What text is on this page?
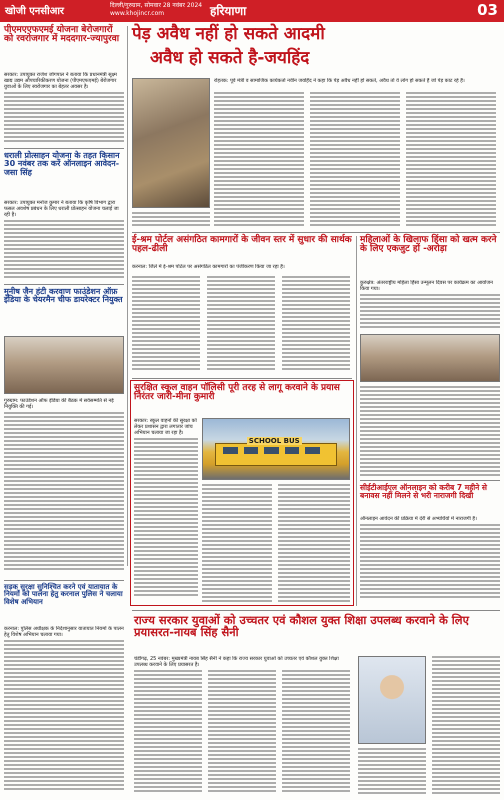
खोजी एनसीआर
दिल्ली/गुरुग्राम, सोमवार 28 नवंबर 2024
www.khojincr.com	हरियाणा	03
पीएमएएफएमई योजना बेरोजगारों को रवरोजगार में मददगार-ज्यापुरवा
सरकार: उपायुक्त राजेश जोगपाल ने बताया कि प्रधानमंत्री सूक्ष्म खाद्य उद्यम औपचारिकीकरण योजना (पीएमएफएमई) बेरोजगार युवाओं के लिए स्वरोजगार का बेहतर अवसर है।
धराली प्रोत्साहन योजना के तहत किसान 30 नवंबर तक करें ऑनलाइन आवेदन-जसा सिंह
सरकार: उपायुक्त मनोज कुमार ने बताया कि कृषि विभाग द्वारा फसल अवशेष प्रबंधन के लिए धराली प्रोत्साहन योजना चलाई जा रही है।
मुनीष जैन हंटी करवाण फाउंडेशन ऑफ़ इंडिया के चेयरमैन चीफ डायरेक्टर नियुक्त
गुरुग्राम: फाउंडेशन ऑफ इंडिया की बैठक में सर्वसम्मति से नई नियुक्ति की गई।
सड़क सुरक्षा सुनिश्चित करने एवं यातायात के नियमों को पालना हेतु करनाल पुलिस ने चलाया विशेष अभियान
करनाल: पुलिस अधीक्षक के निर्देशानुसार यातायात नियमों के पालन हेतु विशेष अभियान चलाया गया।
पेड़ अवैध नहीं हो सकते आदमी
अवैध हो सकते है-जयहिंद
रोहतक: पूर्व मंत्री व सामाजिक कार्यकर्ता नवीन जयहिंद ने कहा कि पेड़ अवैध नहीं हो सकते, अवैध तो वे लोग हो सकते हैं जो पेड़ काट रहे हैं।
ई-श्रम पोर्टल असंगठित कामगारों के जीवन स्तर में सुधार की सार्थक पहल-ढीली
करनाल: जिले में ई-श्रम पोर्टल पर असंगठित कामगारों का पंजीकरण किया जा रहा है।
महिलाओं के खिलाफ हिंसा को खत्म करने के लिए एकजुट हों -अरोड़ा
कुरुक्षेत्र: अंतरराष्ट्रीय महिला हिंसा उन्मूलन दिवस पर कार्यक्रम का आयोजन किया गया।
सुरक्षित स्कूल वाहन पॉलिसी पूरी तरह से लागू करवाने के प्रयास निरंतर जारी-मीना कुमारी
सरकार: स्कूल वाहनों की सुरक्षा को लेकर प्रशासन द्वारा लगातार जांच अभियान चलाया जा रहा है।
SCHOOL BUS
सीईटीआईएल ऑनलाइन को करीब 7 महीने से बनावस नहीं मिलने से भरी नाराजगी दिखी
ऑनलाइन आवेदन की प्रक्रिया में देरी से अभ्यर्थियों में नाराजगी है।
राज्य सरकार युवाओं को उच्चतर एवं कौशल युक्त शिक्षा उपलब्ध करवाने के लिए प्रयासरत-नायब सिंह सैनी
चंडीगढ़, 25 नवंबर: मुख्यमंत्री नायब सिंह सैनी ने कहा कि राज्य सरकार युवाओं को उच्चतर एवं कौशल युक्त शिक्षा उपलब्ध करवाने के लिए प्रयासरत है।
